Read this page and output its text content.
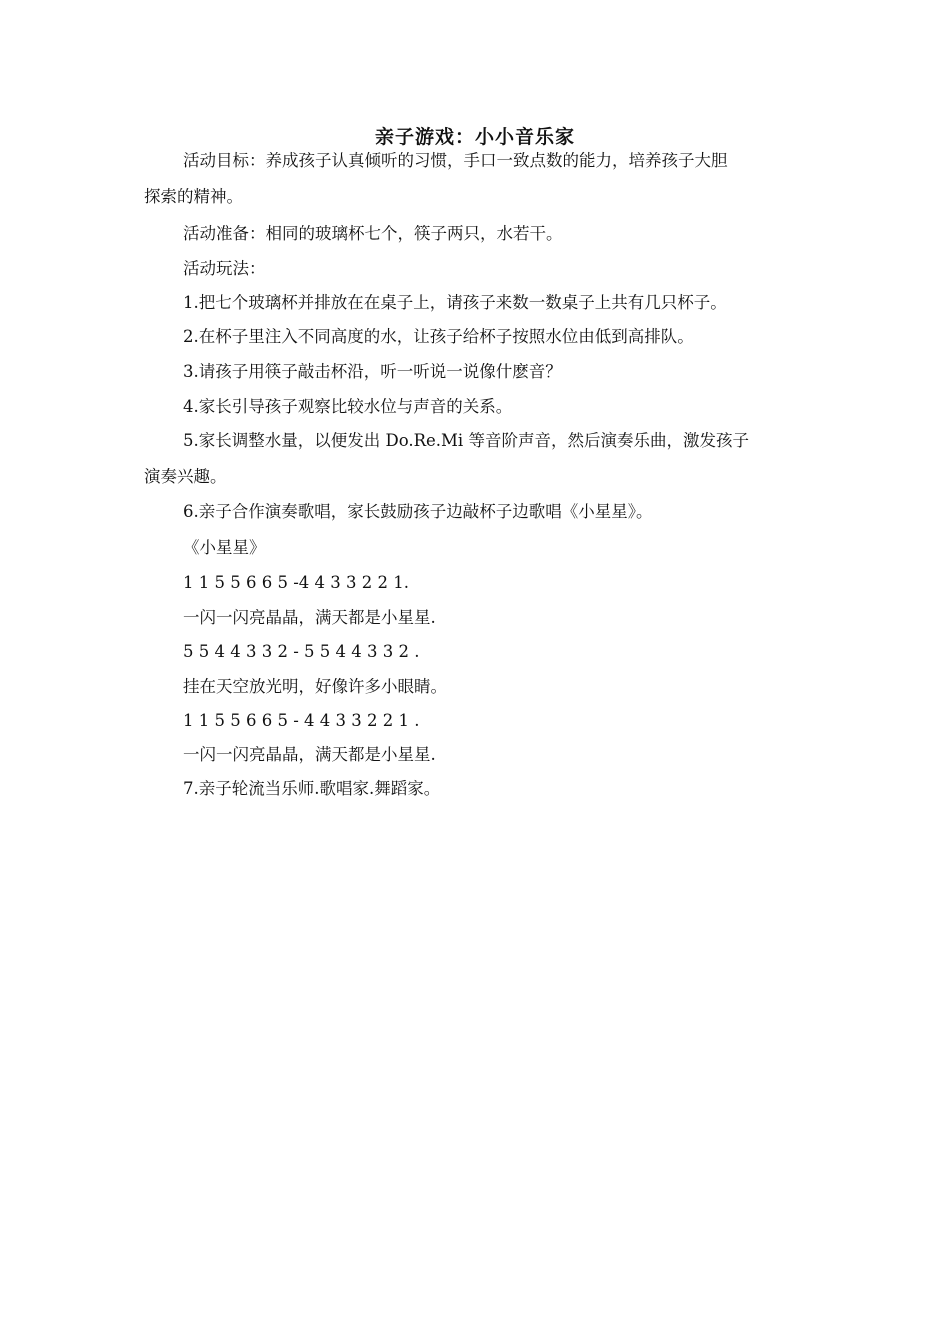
亲子游戏：小小音乐家
活动目标：养成孩子认真倾听的习惯，手口一致点数的能力，培养孩子大胆
探索的精神。
活动准备：相同的玻璃杯七个，筷子两只，水若干。
活动玩法：
1.把七个玻璃杯并排放在在桌子上，请孩子来数一数桌子上共有几只杯子。
2.在杯子里注入不同高度的水，让孩子给杯子按照水位由低到高排队。
3.请孩子用筷子敲击杯沿，听一听说一说像什麽音？
4.家长引导孩子观察比较水位与声音的关系。
5.家长调整水量，以便发出 Do.Re.Mi 等音阶声音，然后演奏乐曲，激发孩子
演奏兴趣。
6.亲子合作演奏歌唱，家长鼓励孩子边敲杯子边歌唱《小星星》。
《小星星》
1 1 5 5 6 6 5 -4 4 3 3 2 2 1.
一闪一闪亮晶晶，满天都是小星星.
5 5 4 4 3 3 2 - 5 5 4 4 3 3 2 .
挂在天空放光明，好像许多小眼睛。
1 1 5 5 6 6 5 - 4 4 3 3 2 2 1 .
一闪一闪亮晶晶，满天都是小星星.
7.亲子轮流当乐师.歌唱家.舞蹈家。
